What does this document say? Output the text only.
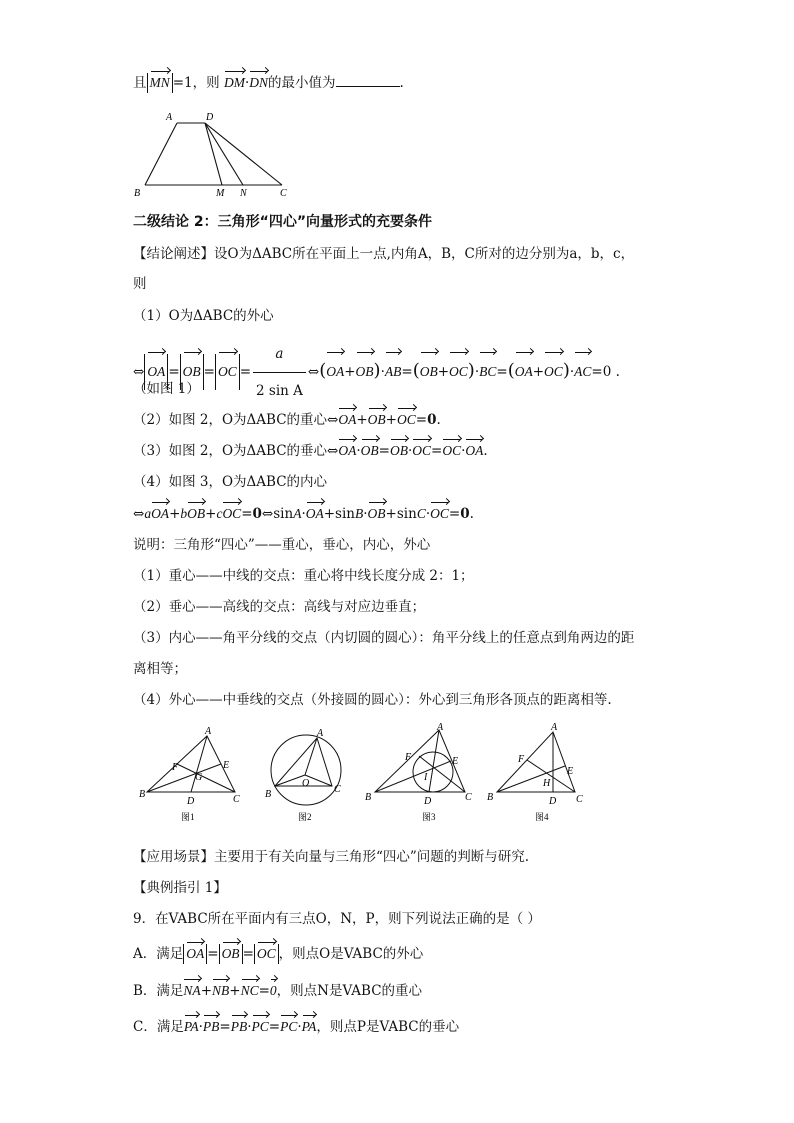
且 MN =1，则 DM·DN的最小值为	.
A	D
B	M N	C
二级结论 2：三角形“四心”向量形式的充要条件
【结论阐述】设O为ΔABC所在平面上一点,内角A，B，C所对的边分别为a，b，c，
则
（1）O为ΔABC的外心
⇔ OA = OB = OC = $\frac{a}{\text{2 sin A}}$ ⇔(OA+OB)·AB=(OB+OC)·BC=(OA+OC)·AC=0 .
（如图 1）
（2）如图 2，O为ΔABC的重心⇔OA+OB+OC=0.
（3）如图 2，O为ΔABC的垂心⇔OA·OB=OB·OC=OC·OA.
（4）如图 3，O为ΔABC的内心
⇔aOA+bOB+cOC=0⇔sinA·OA+sinB·OB+sinC·OC=0.
说明：三角形“四心”——重心，垂心，内心，外心
（1）重心——中线的交点：重心将中线长度分成 2：1；
（2）垂心——高线的交点：高线与对应边垂直；
（3）内心——角平分线的交点（内切圆的圆心）：角平分线上的任意点到角两边的距
离相等；
（4）外心——中垂线的交点（外接圆的圆心）：外心到三角形各顶点的距离相等.
A
B	C
D
E
F
G
A
B	C
O
A
B	C
D
E
F
I
A
B	C
D
E
F
H
图1	图2	图3	图4
【应用场景】主要用于有关向量与三角形“四心”问题的判断与研究.
【典例指引 1】
9．在VABC所在平面内有三点O，N，P，则下列说法正确的是（ ）
A．满足 OA = OB = OC ，则点O是VABC的外心
B．满足NA+NB+NC=0，则点N是VABC的重心
C．满足PA·PB=PB·PC=PC·PA，则点P是VABC的垂心
